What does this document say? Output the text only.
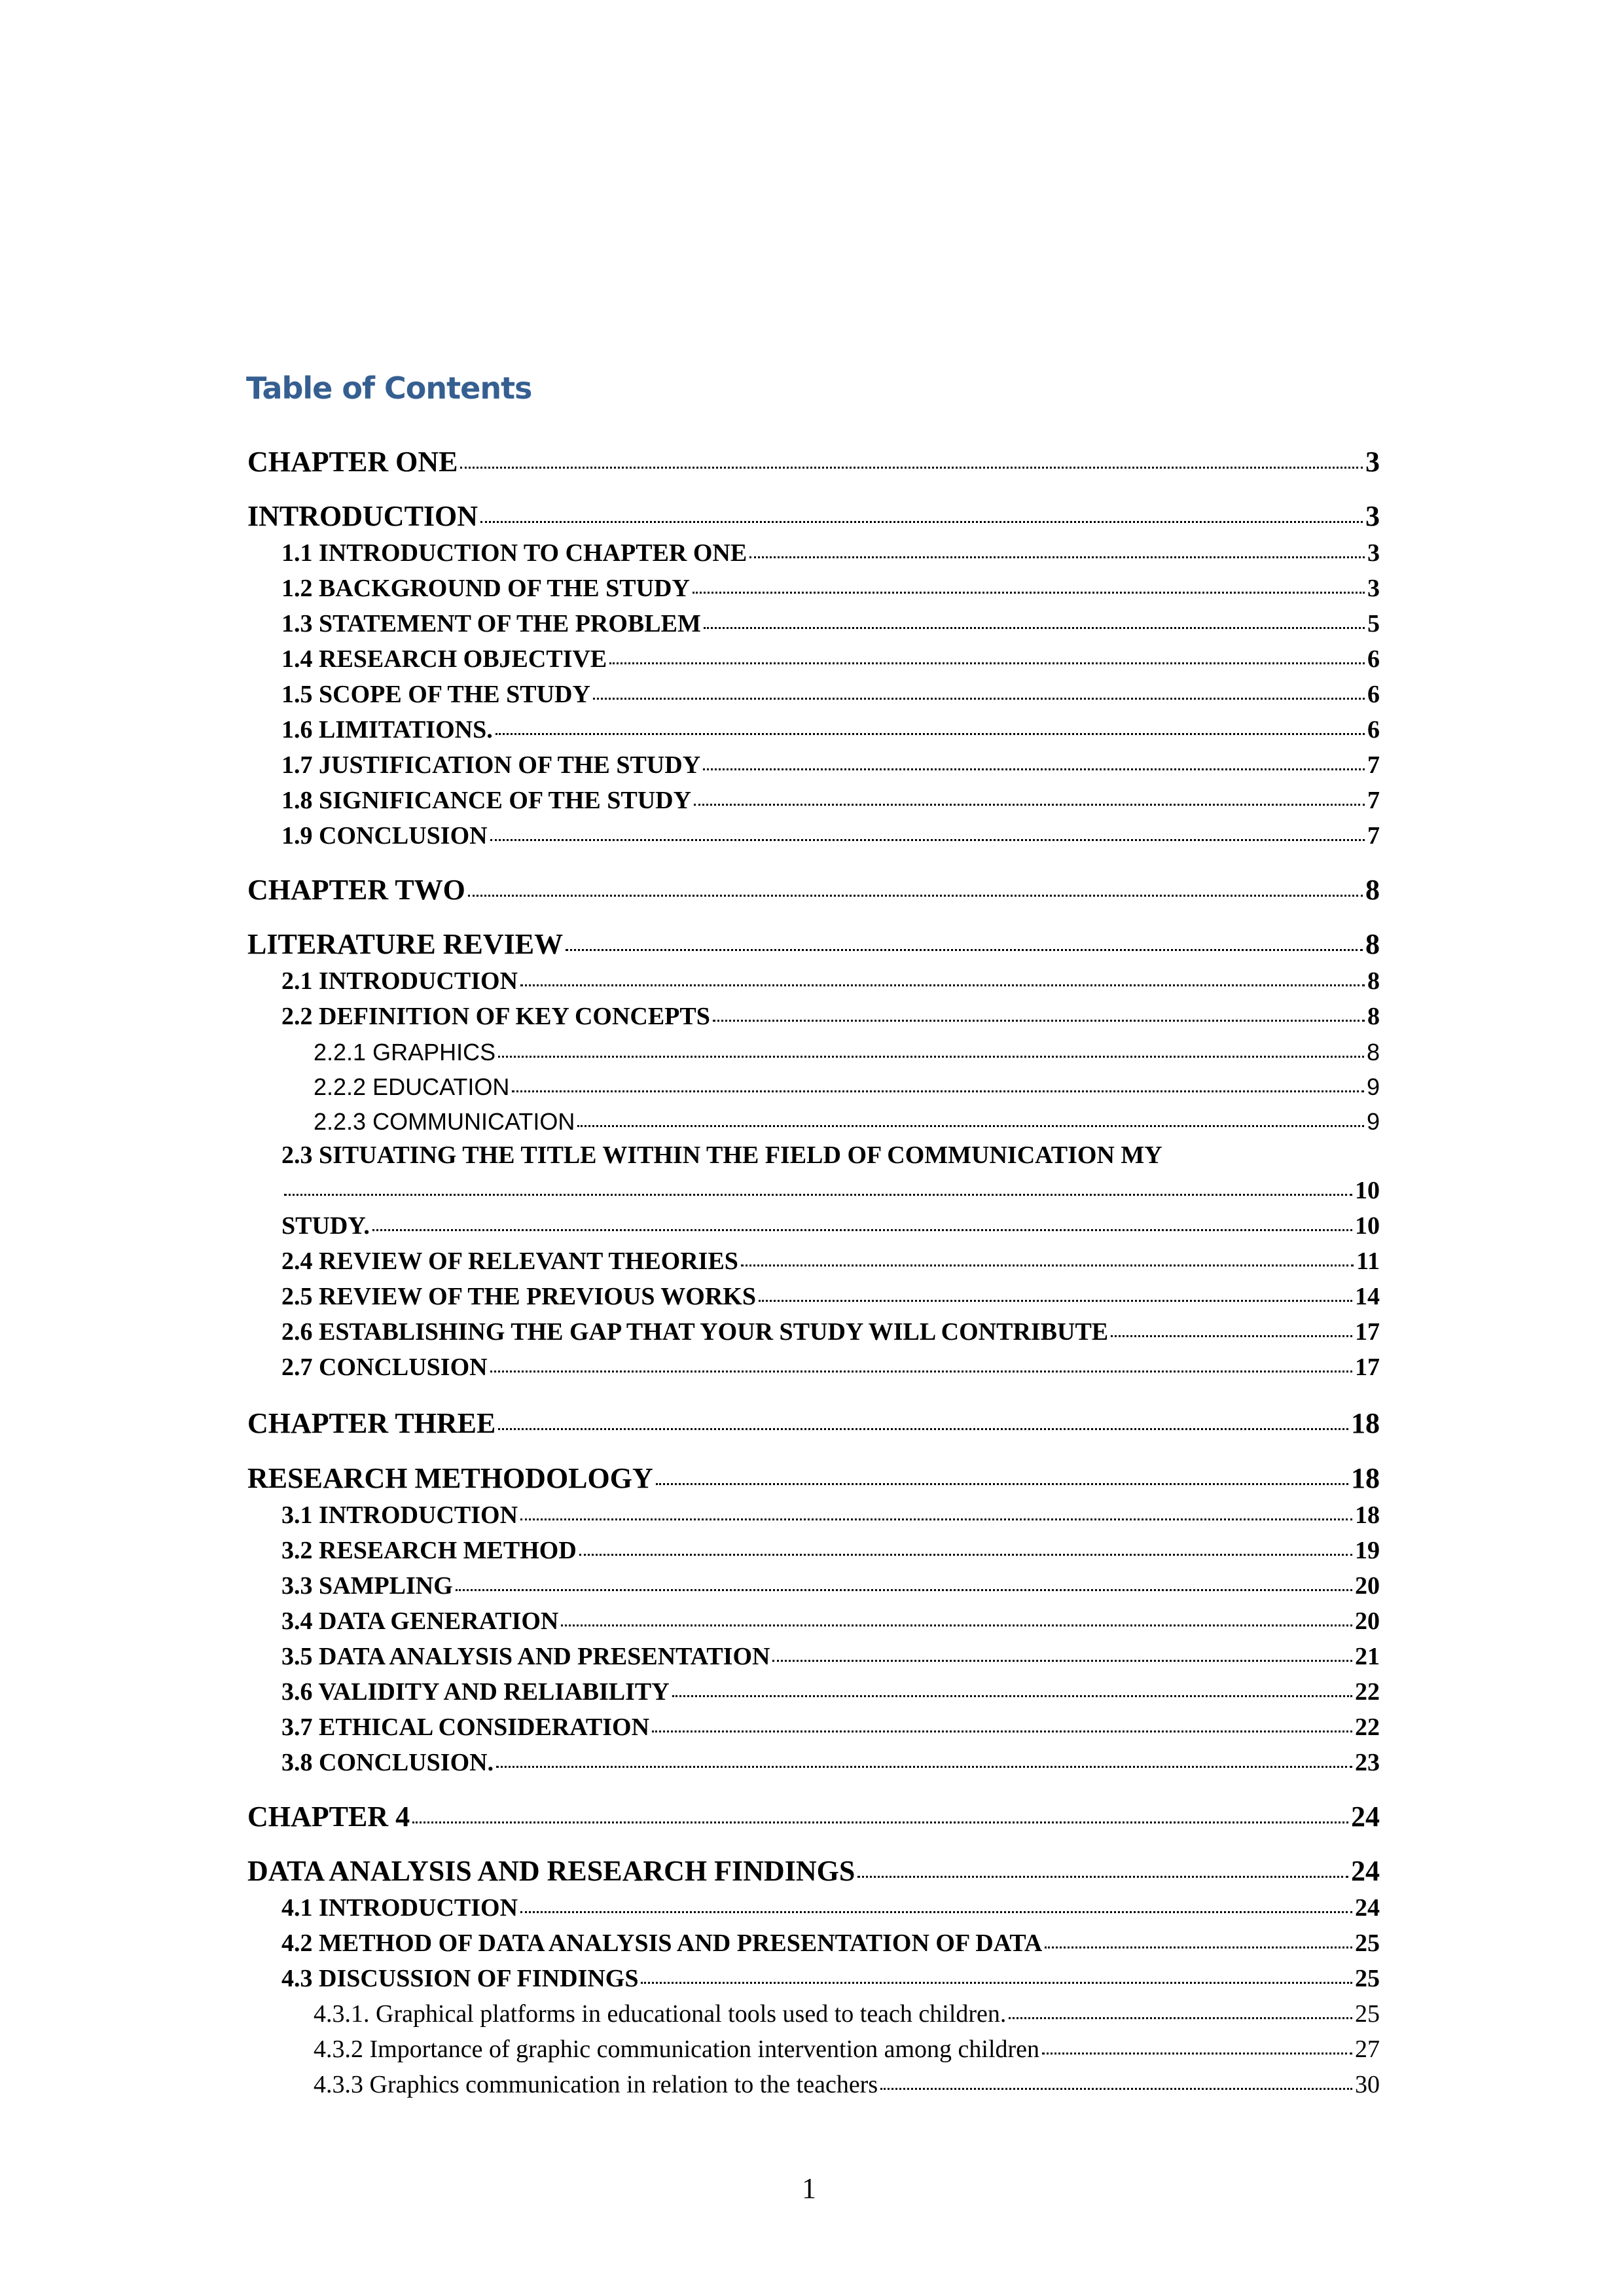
Table of Contents
CHAPTER ONE	3
INTRODUCTION	3
1.1 INTRODUCTION TO CHAPTER ONE	3
1.2 BACKGROUND OF THE STUDY	3
1.3 STATEMENT OF THE PROBLEM	5
1.4 RESEARCH OBJECTIVE	6
1.5 SCOPE OF THE STUDY	6
1.6 LIMITATIONS.	6
1.7 JUSTIFICATION OF THE STUDY	7
1.8 SIGNIFICANCE OF THE STUDY	7
1.9 CONCLUSION	7
CHAPTER TWO	8
LITERATURE REVIEW	8
2.1 INTRODUCTION	8
2.2 DEFINITION OF KEY CONCEPTS	8
2.2.1 GRAPHICS	8
2.2.2 EDUCATION	9
2.2.3 COMMUNICATION	9
2.3 SITUATING THE TITLE WITHIN THE FIELD OF COMMUNICATION MY
10
STUDY.	10
2.4 REVIEW OF RELEVANT THEORIES	11
2.5 REVIEW OF THE PREVIOUS WORKS	14
2.6 ESTABLISHING THE GAP THAT YOUR STUDY WILL CONTRIBUTE	17
2.7 CONCLUSION	17
CHAPTER THREE	18
RESEARCH METHODOLOGY	18
3.1 INTRODUCTION	18
3.2 RESEARCH METHOD	19
3.3 SAMPLING	20
3.4 DATA GENERATION	20
3.5 DATA ANALYSIS AND PRESENTATION	21
3.6 VALIDITY AND RELIABILITY	22
3.7 ETHICAL CONSIDERATION	22
3.8 CONCLUSION.	23
CHAPTER 4	24
DATA ANALYSIS AND RESEARCH FINDINGS	24
4.1 INTRODUCTION	24
4.2 METHOD OF DATA ANALYSIS AND PRESENTATION OF DATA	25
4.3 DISCUSSION OF FINDINGS	25
4.3.1. Graphical platforms in educational tools used to teach children.	25
4.3.2 Importance of graphic communication intervention among children	27
4.3.3 Graphics communication in relation to the teachers	30
1
